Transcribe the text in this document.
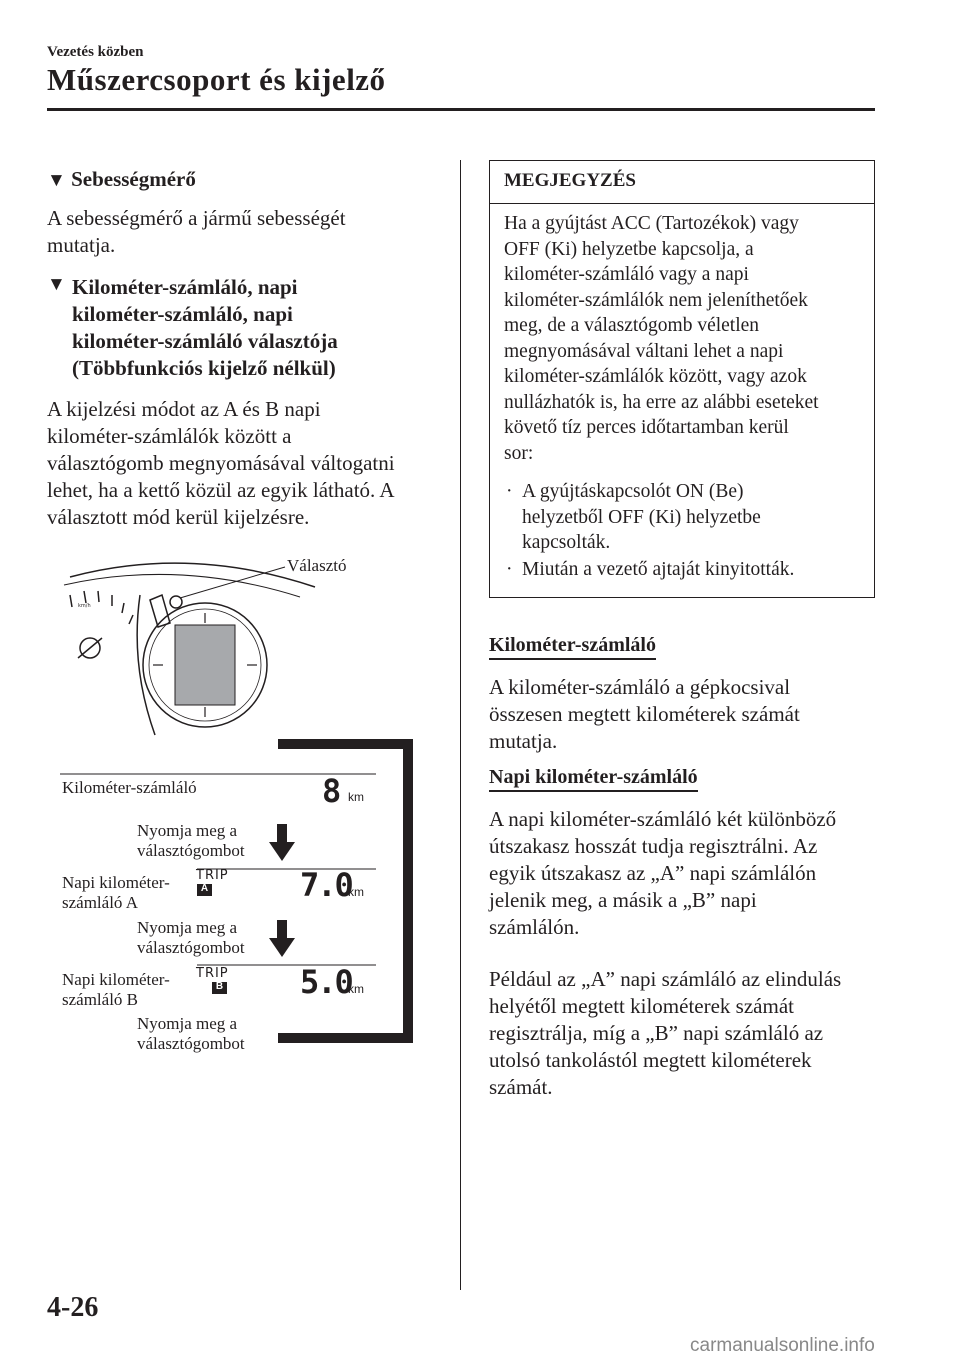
Vezetés közben
Műszercsoport és kijelző
▼ Sebességmérő
A sebességmérő a jármű sebességét
mutatja.
▼ Kilométer-számláló, napi
kilométer-számláló, napi
kilométer-számláló választója
(Többfunkciós kijelző nélkül)
A kijelzési módot az A és B napi
kilométer-számlálók között a
választógomb megnyomásával váltogatni
lehet, ha a kettő közül az egyik látható. A
választott mód kerül kijelzésre.
km/h
Választó
Kilométer-számláló
Nyomja meg a
választógombot
Napi kilométer-
számláló A
Nyomja meg a
választógombot
Napi kilométer-
számláló B
Nyomja meg a
választógombot
8 km
TRIP
A	7.0
km
TRIP
B 5.0
km
MEGJEGYZÉS
Ha a gyújtást ACC (Tartozékok) vagy
OFF (Ki) helyzetbe kapcsolja, a
kilométer-számláló vagy a napi
kilométer-számlálók nem jeleníthetőek
meg, de a választógomb véletlen
megnyomásával váltani lehet a napi
kilométer-számlálók között, vagy azok
nullázhatók is, ha erre az alábbi eseteket
követő tíz perces időtartamban kerül
sor:
· A gyújtáskapcsolót ON (Be)
helyzetből OFF (Ki) helyzetbe
kapcsolták.
· Miután a vezető ajtaját kinyitották.
Kilométer-számláló
A kilométer-számláló a gépkocsival
összesen megtett kilométerek számát
mutatja.
Napi kilométer-számláló
A napi kilométer-számláló két különböző
útszakasz hosszát tudja regisztrálni. Az
egyik útszakasz az „A” napi számlálón
jelenik meg, a másik a „B” napi
számlálón.
Például az „A” napi számláló az elindulás
helyétől megtett kilométerek számát
regisztrálja, míg a „B” napi számláló az
utolsó tankolástól megtett kilométerek
számát.
4-26
carmanualsonline.info
